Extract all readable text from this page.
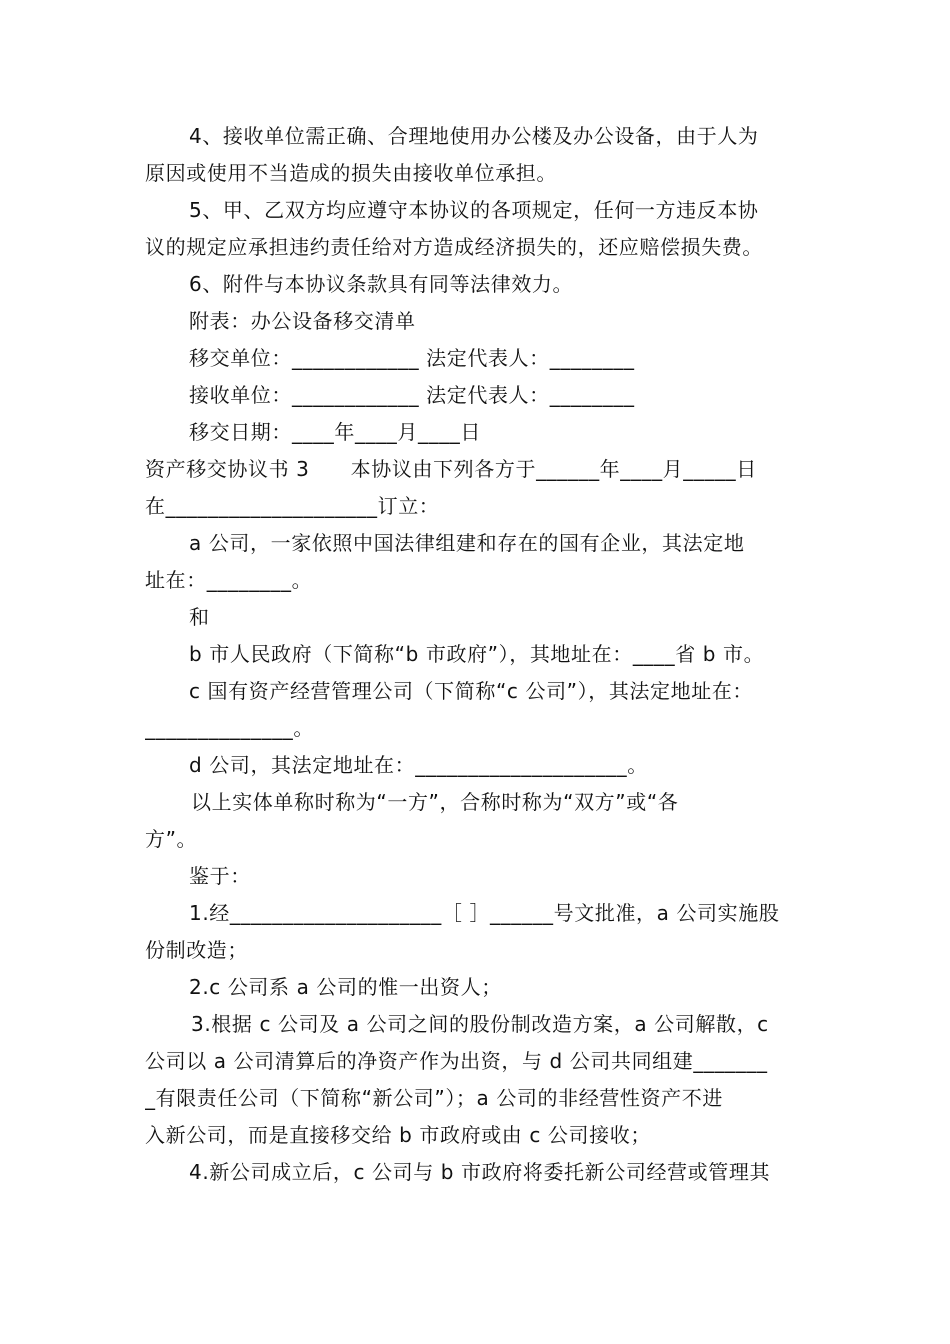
4、接收单位需正确、合理地使用办公楼及办公设备，由于人为
原因或使用不当造成的损失由接收单位承担。
5、甲、乙双方均应遵守本协议的各项规定，任何一方违反本协
议的规定应承担违约责任给对方造成经济损失的，还应赔偿损失费。
6、附件与本协议条款具有同等法律效力。
附表：办公设备移交清单
移交单位：____________ 法定代表人：________
接收单位：____________ 法定代表人：________
移交日期：____年____月____日
资产移交协议书 3　　本协议由下列各方于______年____月_____日
在____________________订立：
a 公司，一家依照中国法律组建和存在的国有企业，其法定地
址在：________。
和
b 市人民政府（下简称“b 市政府”），其地址在：____省 b 市。
c 国有资产经营管理公司（下简称“c 公司”），其法定地址在：
______________。
d 公司，其法定地址在：____________________。
以上实体单称时称为“一方”，合称时称为“双方”或“各
方”。
鉴于：
1.经____________________［ ］______号文批准，a 公司实施股
份制改造；
2.c 公司系 a 公司的惟一出资人；
3.根据 c 公司及 a 公司之间的股份制改造方案，a 公司解散，c
公司以 a 公司清算后的净资产作为出资，与 d 公司共同组建_______
_有限责任公司（下简称“新公司”）；a 公司的非经营性资产不进
入新公司，而是直接移交给 b 市政府或由 c 公司接收；
4.新公司成立后，c 公司与 b 市政府将委托新公司经营或管理其
